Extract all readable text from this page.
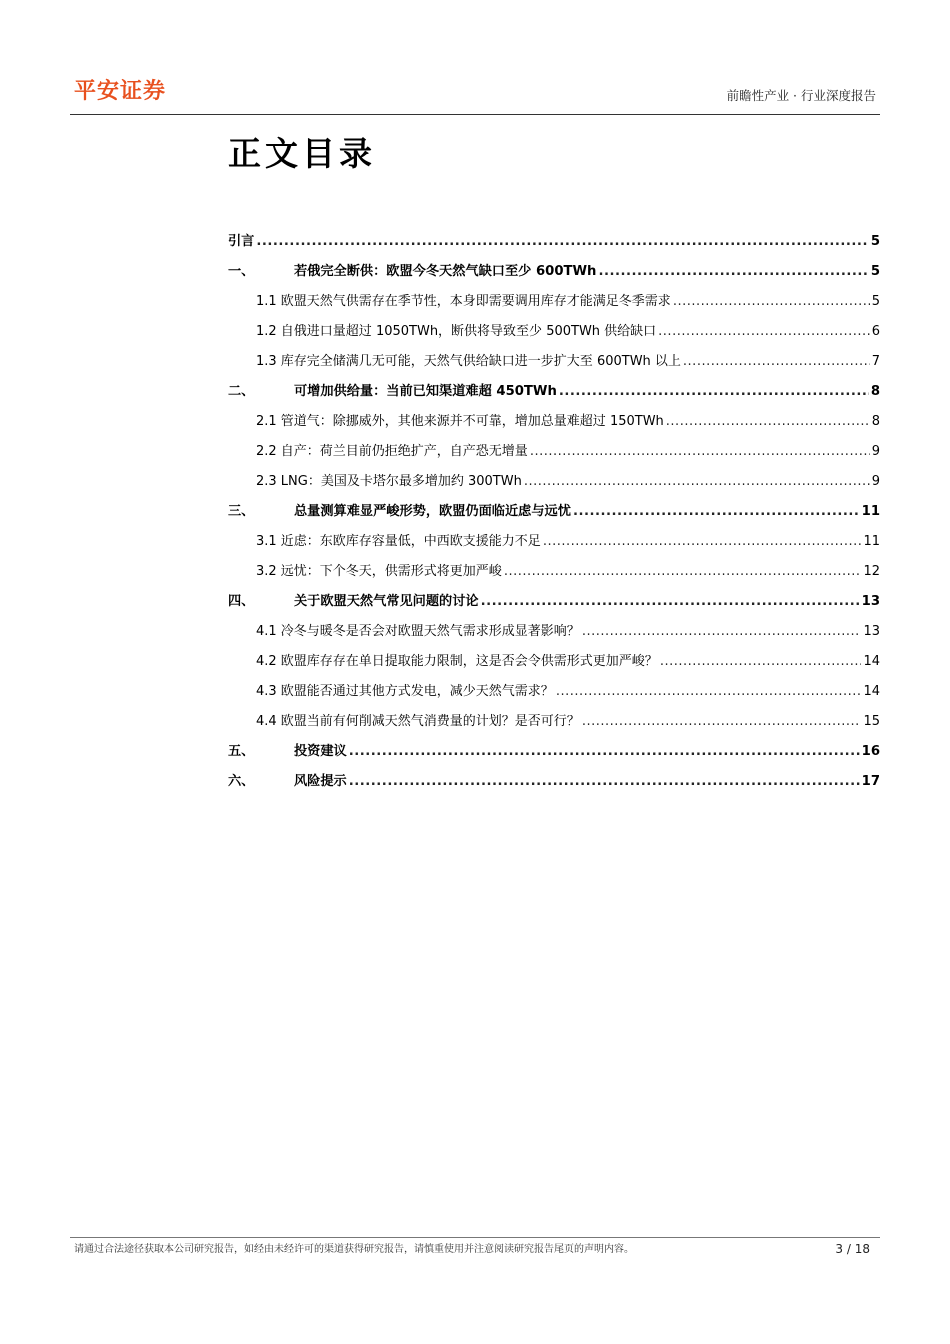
平安证券	前瞻性产业 · 行业深度报告
正文目录
引言 .....	5
一、	若俄完全断供：欧盟今冬天然气缺口至少 600TWh .....	5
1.1 欧盟天然气供需存在季节性，本身即需要调用库存才能满足冬季需求 .....	5
1.2 自俄进口量超过 1050TWh，断供将导致至少 500TWh 供给缺口 .....	6
1.3 库存完全储满几无可能，天然气供给缺口进一步扩大至 600TWh 以上 .....	7
二、	可增加供给量：当前已知渠道难超 450TWh .....	8
2.1 管道气：除挪威外，其他来源并不可靠，增加总量难超过 150TWh .....	8
2.2 自产：荷兰目前仍拒绝扩产，自产恐无增量 .....	9
2.3 LNG：美国及卡塔尔最多增加约 300TWh .....	9
三、	总量测算难显严峻形势，欧盟仍面临近虑与远忧 .....	11
3.1 近虑：东欧库存容量低，中西欧支援能力不足 .....	11
3.2 远忧：下个冬天，供需形式将更加严峻 .....	12
四、	关于欧盟天然气常见问题的讨论 .....	13
4.1 冷冬与暖冬是否会对欧盟天然气需求形成显著影响？ .....	13
4.2 欧盟库存存在单日提取能力限制，这是否会令供需形式更加严峻？ .....	14
4.3 欧盟能否通过其他方式发电，减少天然气需求？ .....	14
4.4 欧盟当前有何削减天然气消费量的计划？是否可行？ .....	15
五、	投资建议 .....	16
六、	风险提示 .....	17
请通过合法途径获取本公司研究报告，如经由未经许可的渠道获得研究报告，请慎重使用并注意阅读研究报告尾页的声明内容。	3 / 18
